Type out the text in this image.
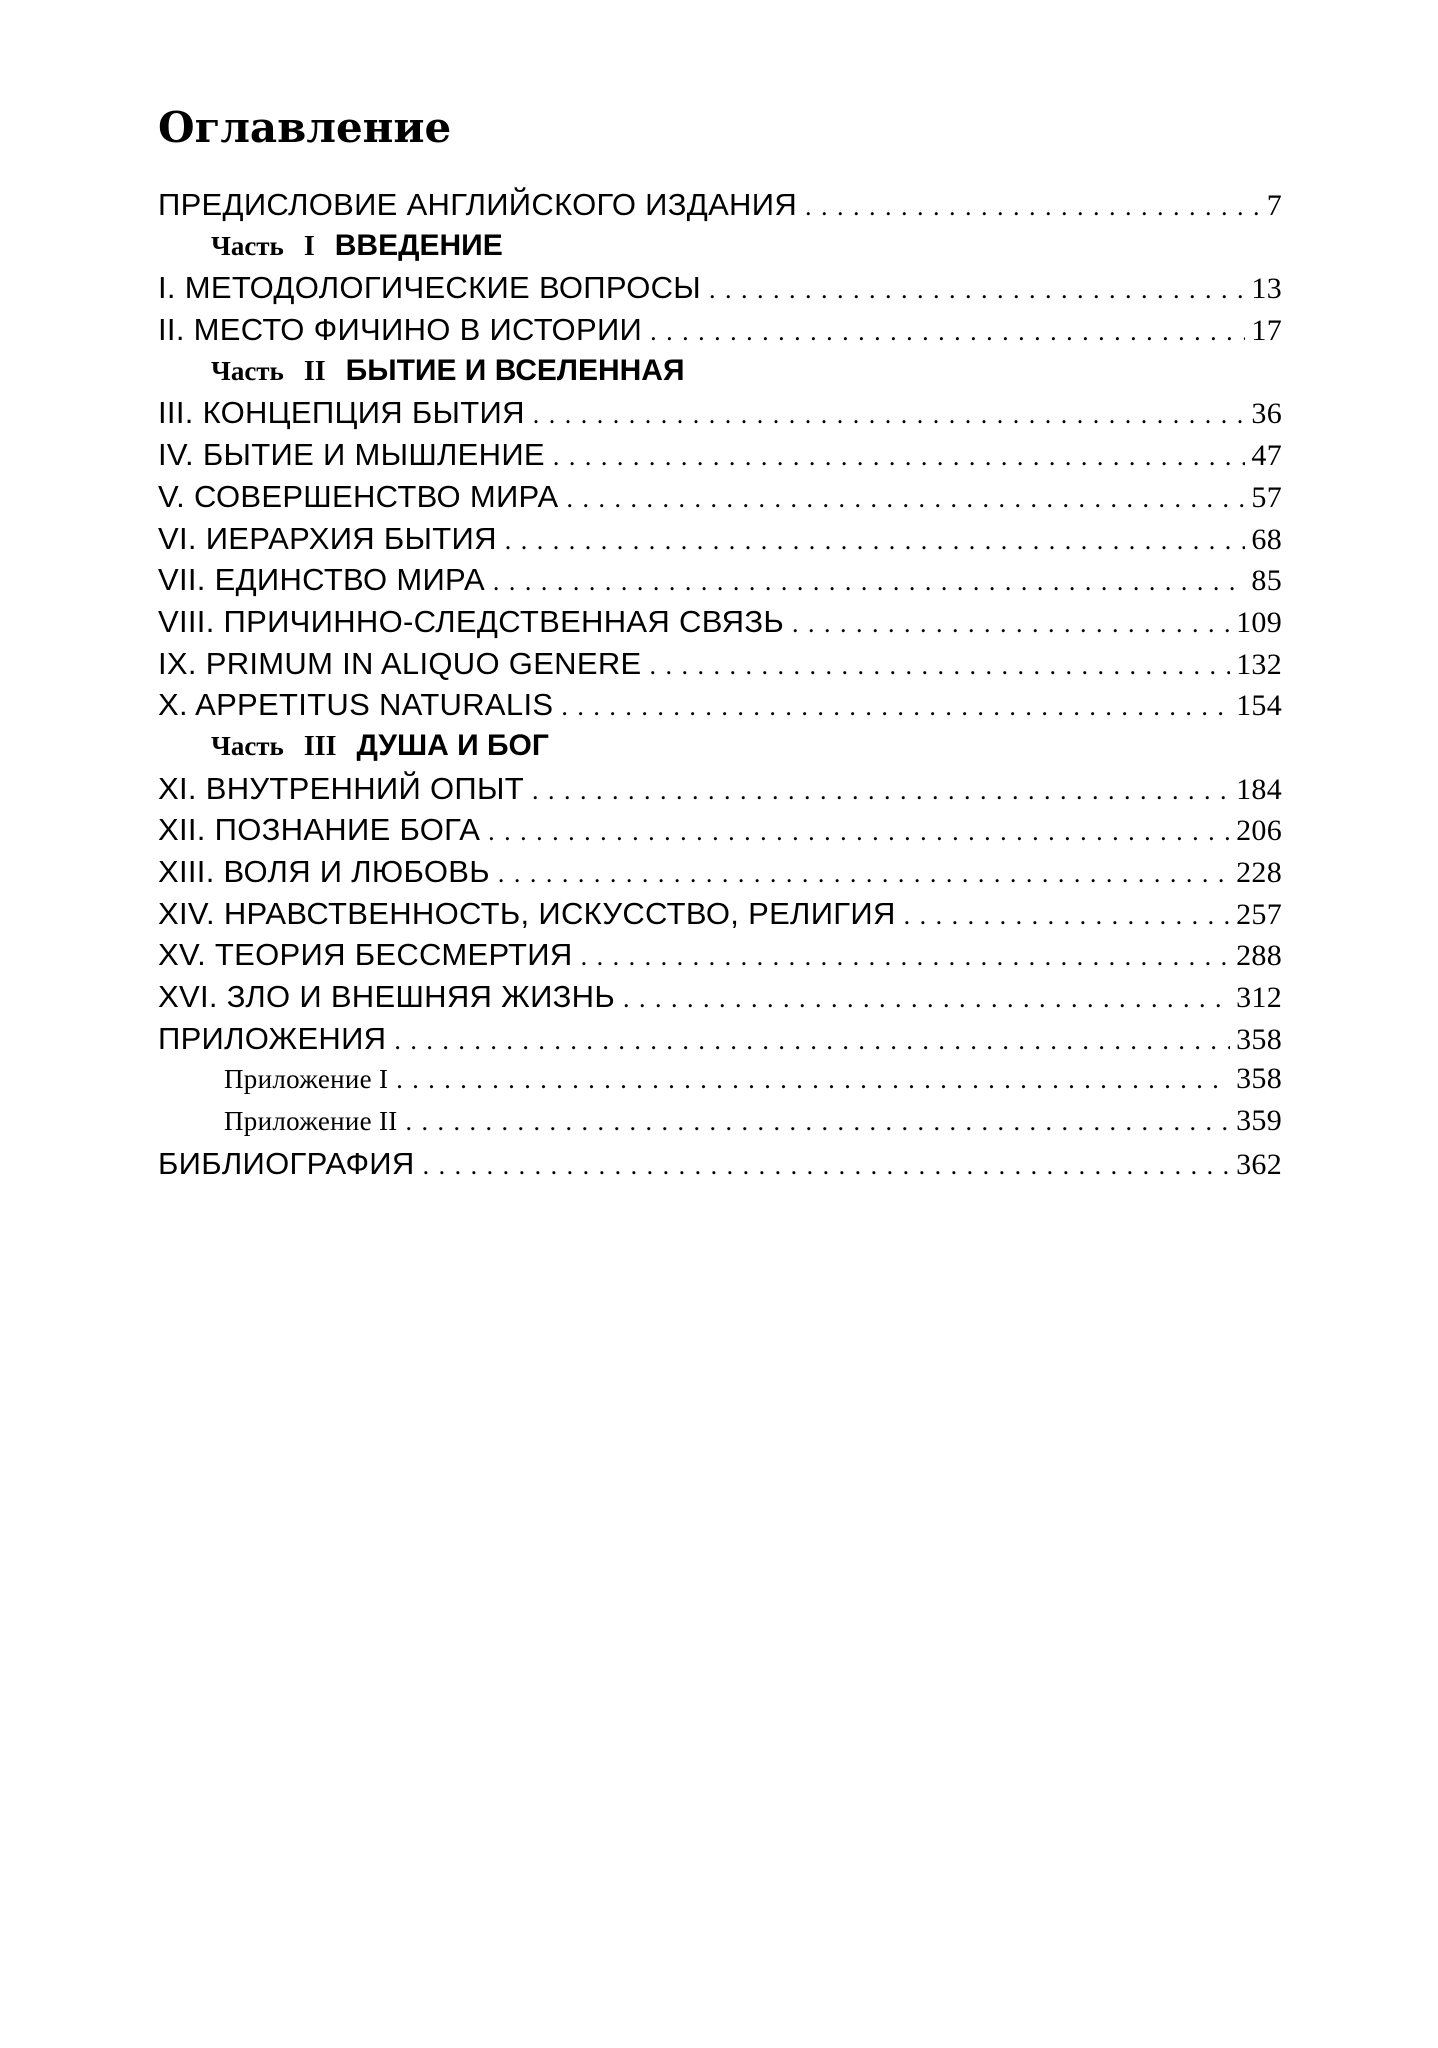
Оглавление
ПРЕДИСЛОВИЕ АНГЛИЙСКОГО ИЗДАНИЯ . . .	7
Часть I ВВЕДЕНИЕ
I. МЕТОДОЛОГИЧЕСКИЕ ВОПРОСЫ . . .	13
II. МЕСТО ФИЧИНО В ИСТОРИИ . . .	17
Часть II БЫТИЕ И ВСЕЛЕННАЯ
III. КОНЦЕПЦИЯ БЫТИЯ . . .	36
IV. БЫТИЕ И МЫШЛЕНИЕ . . .	47
V. СОВЕРШЕНСТВО МИРА . . .	57
VI. ИЕРАРХИЯ БЫТИЯ . . .	68
VII. ЕДИНСТВО МИРА . . .	85
VIII. ПРИЧИННО-СЛЕДСТВЕННАЯ СВЯЗЬ . . .	109
IX. PRIMUM IN ALIQUO GENERE . . .	132
X. APPETITUS NATURALIS . . .	154
Часть III ДУША И БОГ
XI. ВНУТРЕННИЙ ОПЫТ . . .	184
XII. ПОЗНАНИЕ БОГА . . .	206
XIII. ВОЛЯ И ЛЮБОВЬ . . .	228
XIV. НРАВСТВЕННОСТЬ, ИСКУССТВО, РЕЛИГИЯ . . .	257
XV. ТЕОРИЯ БЕССМЕРТИЯ . . .	288
XVI. ЗЛО И ВНЕШНЯЯ ЖИЗНЬ . . .	312
ПРИЛОЖЕНИЯ . . .	358
Приложение I . . .	358
Приложение II . . .	359
БИБЛИОГРАФИЯ . . .	362
